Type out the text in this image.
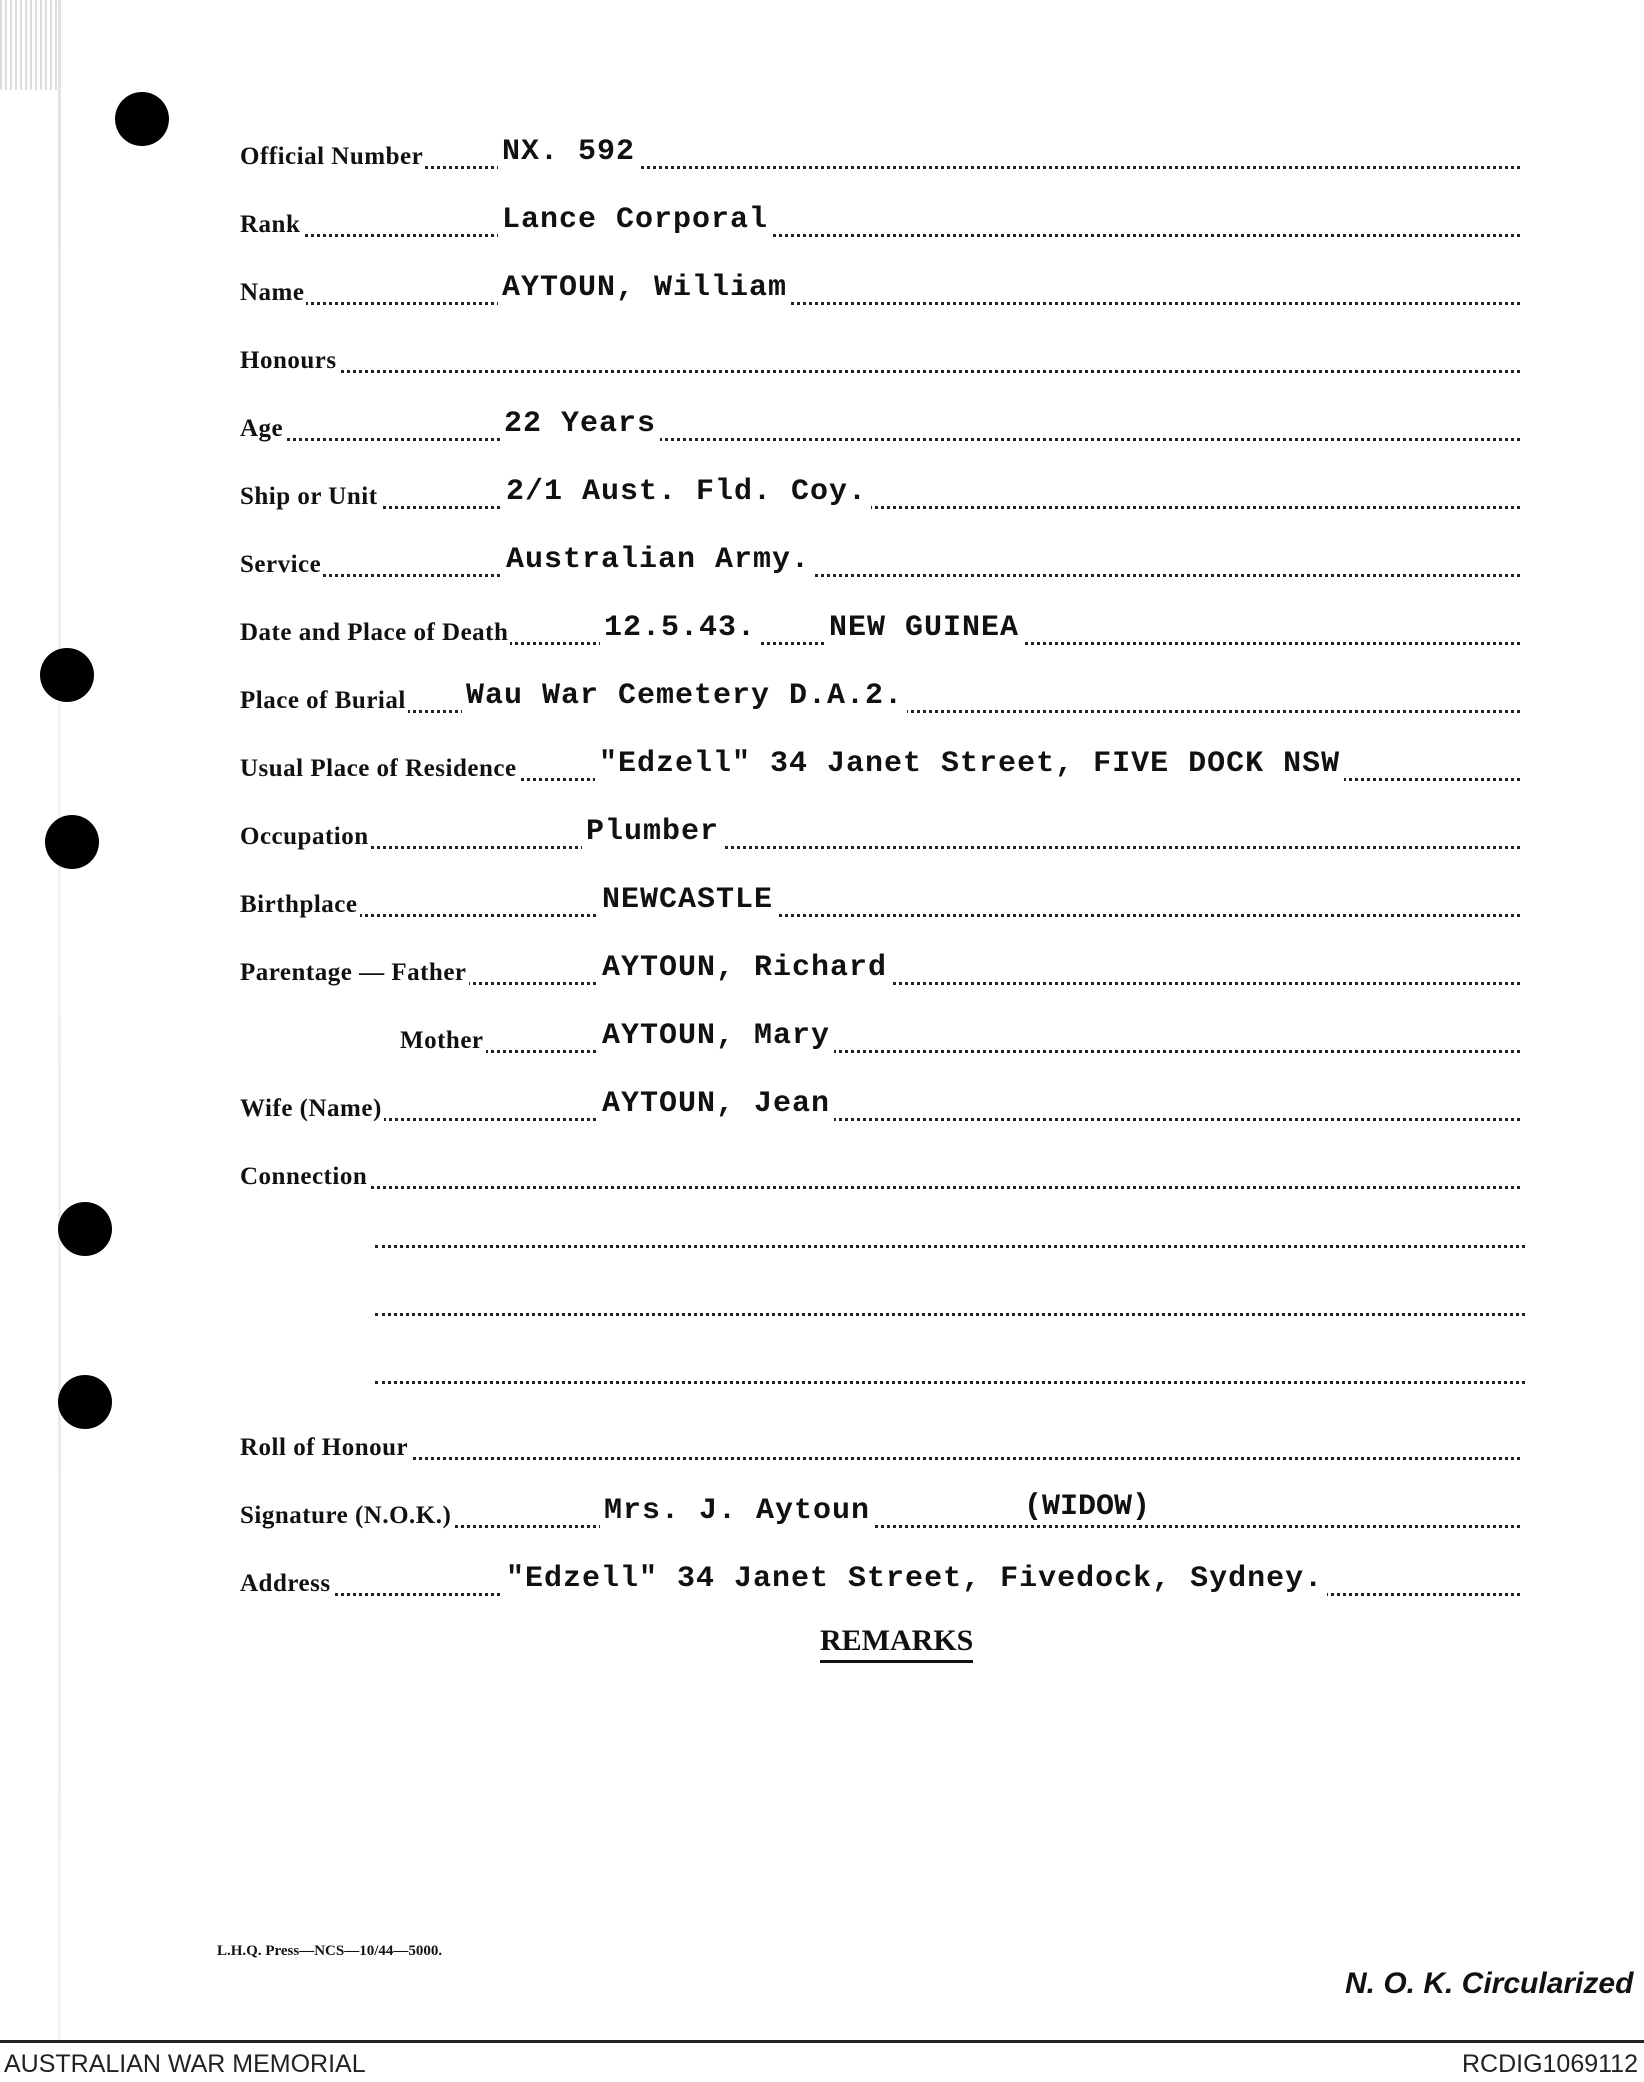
Official Number	NX. 592
Rank	Lance Corporal
Name	AYTOUN, William
Honours
Age	22 Years
Ship or Unit	2/1 Aust. Fld. Coy.
Service	Australian Army.
Date and Place of Death	12.5.43. NEW GUINEA
Place of Burial Wau War Cemetery D.A.2.
Usual Place of Residence	"Edzell" 34 Janet Street, FIVE DOCK NSW
Occupation	Plumber
Birthplace	NEWCASTLE
Parentage — Father	AYTOUN, Richard
Mother	AYTOUN, Mary
Wife (Name)	AYTOUN, Jean
Connection
Roll of Honour
Signature (N.O.K.)	Mrs. J. Aytoun	(WIDOW)
Address	"Edzell" 34 Janet Street, Fivedock, Sydney.
REMARKS
L.H.Q. Press—NCS—10/44—5000.
N. O. K. Circularized
AUSTRALIAN WAR MEMORIAL	RCDIG1069112
